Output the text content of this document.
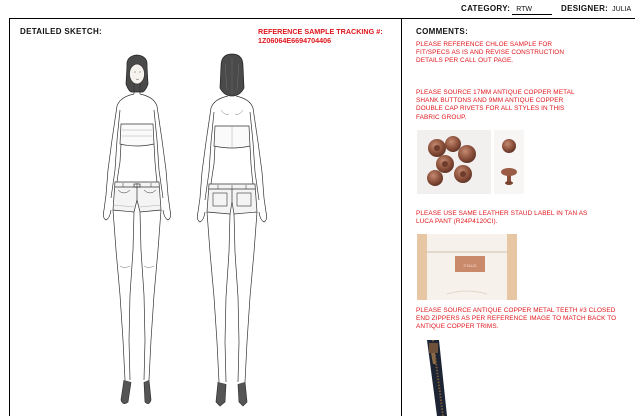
CATEGORY: RTW	DESIGNER: JULIA
DETAILED SKETCH:	REFERENCE SAMPLE TRACKING #:
1Z06064E6694704406
COMMENTS:
PLEASE REFERENCE CHLOE SAMPLE FOR FIT/SPECS AS IS AND REVISE CONSTRUCTION DETAILS PER CALL OUT PAGE.
PLEASE SOURCE 17MM ANTIQUE COPPER METAL SHANK BUTTONS AND 9MM ANTIQUE COPPER DOUBLE CAP RIVETS FOR ALL STYLES IN THIS FABRIC GROUP.
PLEASE USE SAME LEATHER STAUD LABEL IN TAN AS LUCA PANT (R24P4120CI).
STAUD
PLEASE SOURCE ANTIQUE COPPER METAL TEETH #3 CLOSED END ZIPPERS AS PER REFERENCE IMAGE TO MATCH BACK TO ANTIQUE COPPER TRIMS.
